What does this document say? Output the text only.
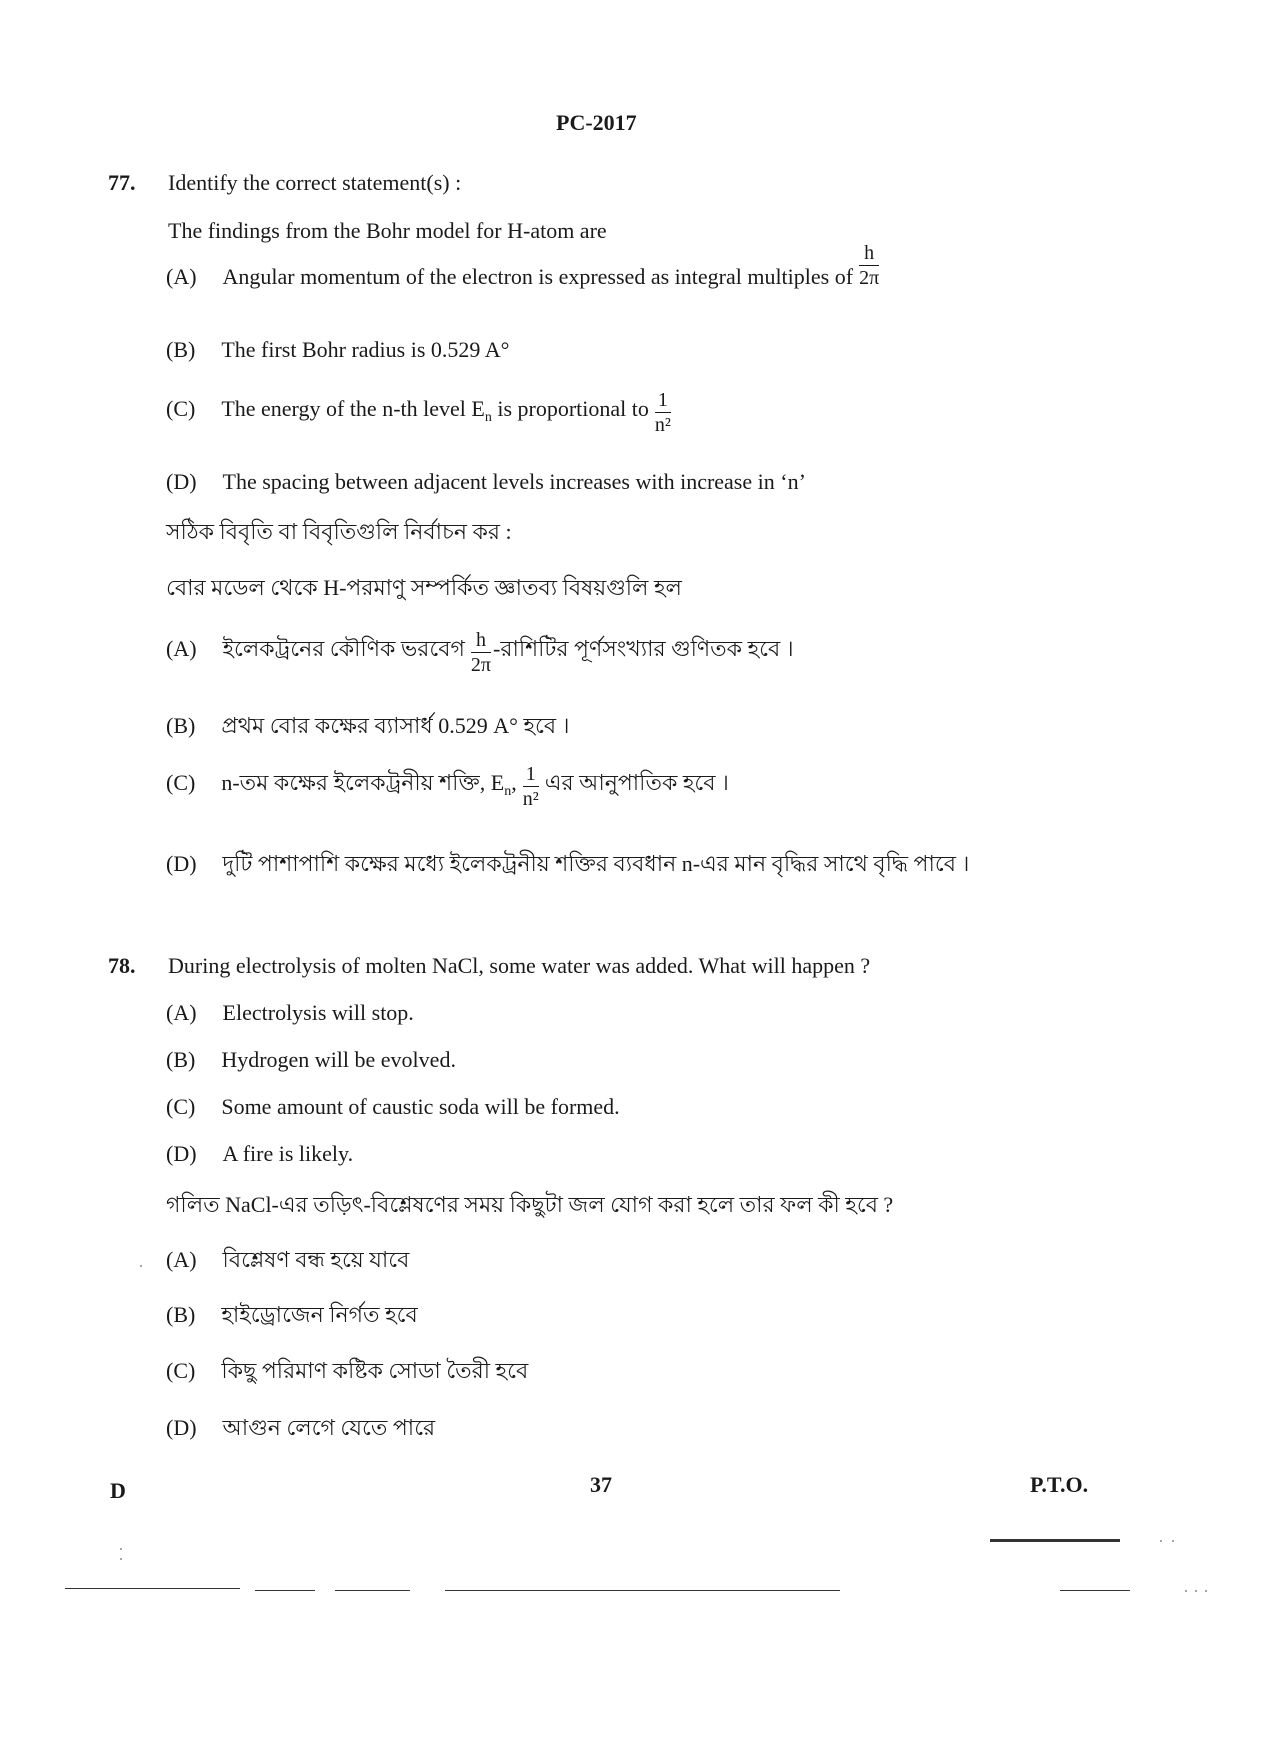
PC-2017
77. Identify the correct statement(s) :
The findings from the Bohr model for H-atom are
(A) Angular momentum of the electron is expressed as integral multiples of $\frac{h}{2\pi}$
(B) The first Bohr radius is 0.529 A°
(C) The energy of the n-th level En is proportional to $\frac{1}{\text{n²}}$
(D) The spacing between adjacent levels increases with increase in ‘n’
সঠিক বিবৃতি বা বিবৃতিগুলি নির্বাচন কর :
বোর মডেল থেকে H-পরমাণু সম্পর্কিত জ্ঞাতব্য বিষয়গুলি হল
(A) ইলেকট্রনের কৌণিক ভরবেগ $\frac{h}{2\pi}$ -রাশিটির পূর্ণসংখ্যার গুণিতক হবে ।
(B) প্রথম বোর কক্ষের ব্যাসার্ধ 0.529 A° হবে ।
(C) n-তম কক্ষের ইলেকট্রনীয় শক্তি, En, $\frac{1}{\text{n²}}$ এর আনুপাতিক হবে ।
(D) দুটি পাশাপাশি কক্ষের মধ্যে ইলেকট্রনীয় শক্তির ব্যবধান n-এর মান বৃদ্ধির সাথে বৃদ্ধি পাবে ।
78. During electrolysis of molten NaCl, some water was added. What will happen ?
(A) Electrolysis will stop.
(B) Hydrogen will be evolved.
(C) Some amount of caustic soda will be formed.
(D) A fire is likely.
গলিত NaCl-এর তড়িৎ-বিশ্লেষণের সময় কিছুটা জল যোগ করা হলে তার ফল কী হবে ?
(A) বিশ্লেষণ বন্ধ হয়ে যাবে
(B) হাইড্রোজেন নির্গত হবে
(C) কিছু পরিমাণ কষ্টিক সোডা তৈরী হবে
(D) আগুন লেগে যেতে পারে
D	37	P.T.O.
